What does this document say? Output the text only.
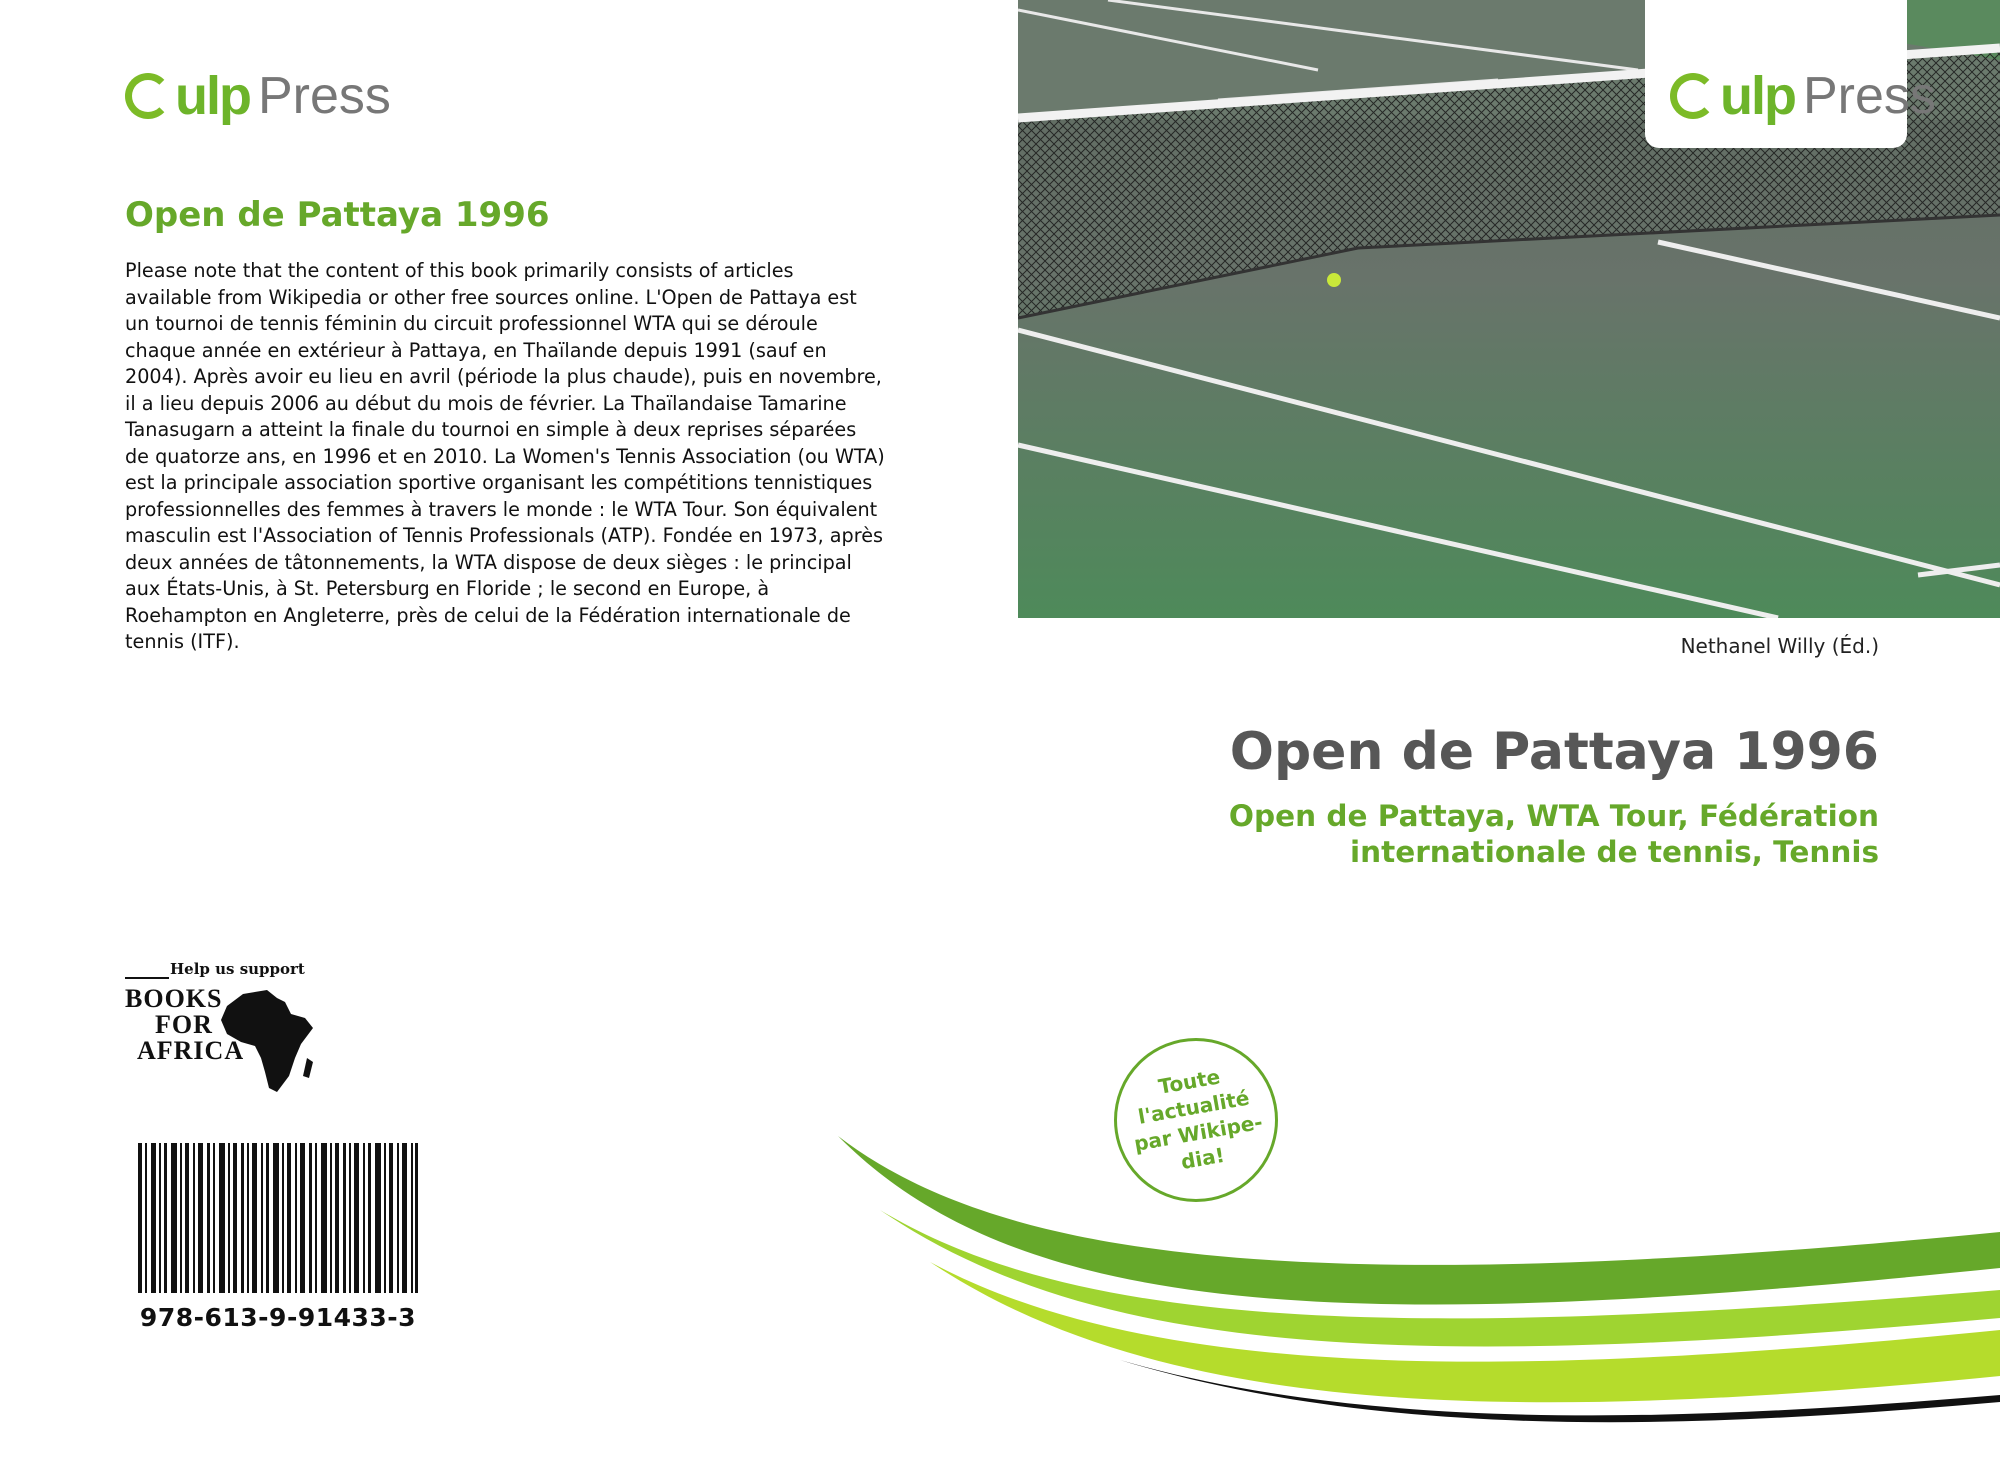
ulp Press
Open de Pattaya 1996

Please note that the content of this book primarily consists of articles available from Wikipedia or other free sources online. L'Open de Pattaya est un tournoi de tennis féminin du circuit professionnel WTA qui se déroule chaque année en extérieur à Pattaya, en Thaïlande depuis 1991 (sauf en 2004). Après avoir eu lieu en avril (période la plus chaude), puis en novembre, il a lieu depuis 2006 au début du mois de février. La Thaïlandaise Tamarine Tanasugarn a atteint la finale du tournoi en simple à deux reprises séparées de quatorze ans, en 1996 et en 2010. La Women's Tennis Association (ou WTA) est la principale association sportive organisant les compétitions tennistiques professionnelles des femmes à travers le monde : le WTA Tour. Son équivalent masculin est l'Association of Tennis Professionals (ATP). Fondée en 1973, après deux années de tâtonnements, la WTA dispose de deux sièges : le principal aux États-Unis, à St. Petersburg en Floride ; le second en Europe, à Roehampton en Angleterre, près de celui de la Fédération internationale de tennis (ITF).

Help us support
BOOKS
FOR
AFRICA

978-613-9-91433-3

ulp Press

Nethanel Willy (Éd.)

Open de Pattaya 1996

Open de Pattaya, WTA Tour, Fédération internationale de tennis, Tennis

Toute
l'actualité
par Wikipe-
dia!
